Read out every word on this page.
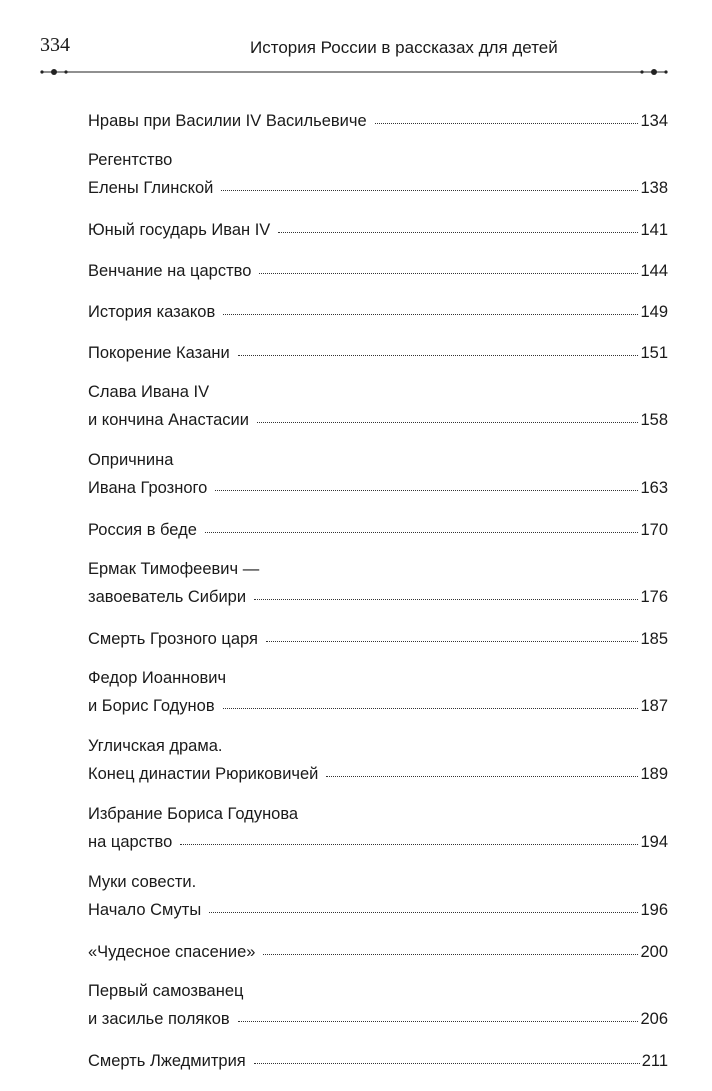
334	История России в рассказах для детей
Нравы при Василии IV Васильевиче	134
Регентство
Елены Глинской	138
Юный государь Иван IV	141
Венчание на царство	144
История казаков	149
Покорение Казани	151
Слава Ивана IV
и кончина Анастасии	158
Опричнина
Ивана Грозного	163
Россия в беде	170
Ермак Тимофеевич —
завоеватель Сибири	176
Смерть Грозного царя	185
Федор Иоаннович
и Борис Годунов	187
Угличская драма.
Конец династии Рюриковичей	189
Избрание Бориса Годунова
на царство	194
Муки совести.
Начало Смуты	196
«Чудесное спасение»	200
Первый самозванец
и засилье поляков	206
Смерть Лжедмитрия	211
